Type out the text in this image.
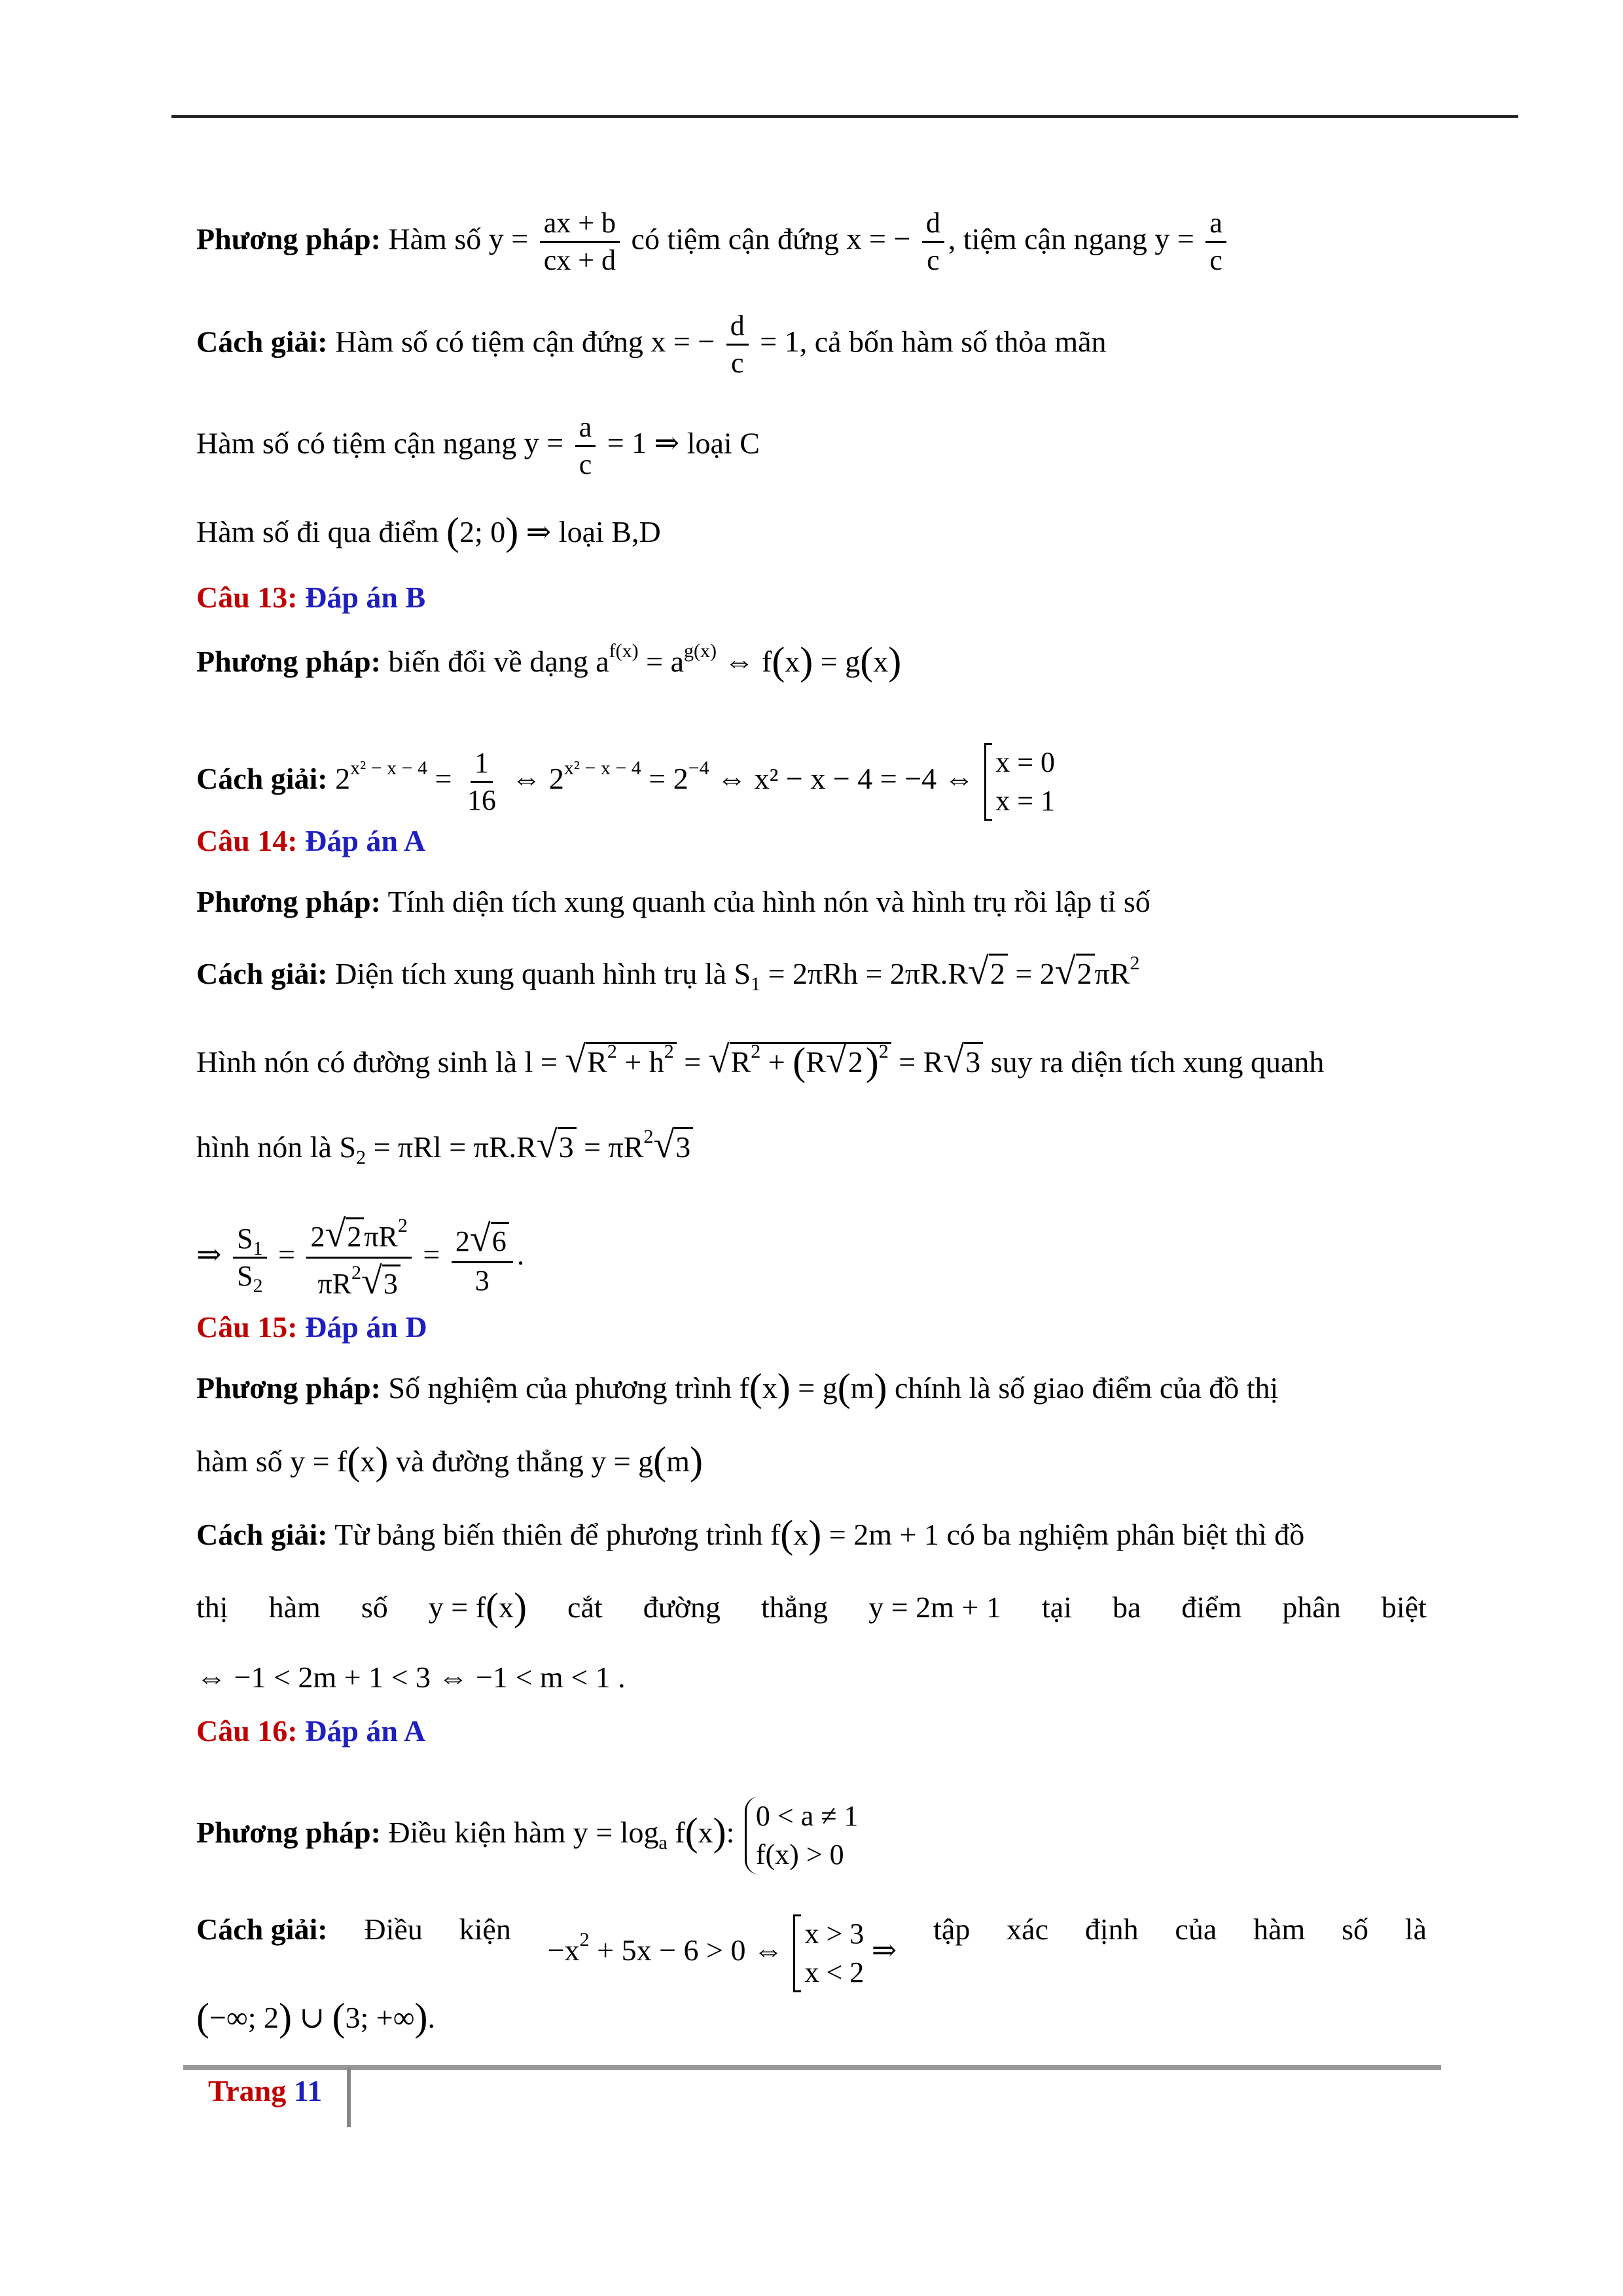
Phương pháp: Hàm số $y = \frac{ax + b}{cx + d}$ có tiệm cận đứng x = − $\frac{d}{c}$ , tiệm cận ngang $y = \frac{a}{c}$
Cách giải: Hàm số có tiệm cận đứng x = − $\frac{d}{c} = 1$, cả bốn hàm số thỏa mãn
Hàm số có tiệm cận ngang $y = \frac{a}{c} = 1$ ⇒ loại C
Hàm số đi qua điểm (2; 0) ⇒ loại B,D
Câu 13: Đáp án B
Phương pháp: biến đổi về dạng $a^{f(x)} = a^{g(x)}$ ⇔ f(x) = g(x)
Cách giải: $2^{x^2 - x - 4} = \frac{1}{16}$ ⇔ $2^{x^2 - x - 4} = 2^{-4}$ ⇔ x² − x − 4 = −4 ⇔ x = 0
x = 1
Câu 14: Đáp án A
Phương pháp: Tính diện tích xung quanh của hình nón và hình trụ rồi lập tỉ số
Cách giải: Diện tích xung quanh hình trụ là $S_1 = 2\pi Rh = 2\pi R.R√2 = 2√2\pi R^2$
Hình nón có đường sinh là $l = √R^2 + h^2 = √R^2 + (R√2)^2 = R√3$ suy ra diện tích xung quanh
hình nón là $S_2 = \pi Rl = \pi R.R√3 = \pi R^2√3$
⇒ $\frac{S_1}{S_2} = \frac{2√2\pi R^2}{\pi R^2√3} = \frac{2√6}{3}$ .
Câu 15: Đáp án D
Phương pháp: Số nghiệm của phương trình f(x) = g(m) chính là số giao điểm của đồ thị
hàm số y = f(x) và đường thẳng y = g(m)
Cách giải: Từ bảng biến thiên để phương trình f(x) = 2m + 1 có ba nghiệm phân biệt thì đồ
thị hàm số y = f(x) cắt đường thẳng y = 2m + 1 tại ba điểm phân biệt
⇔ −1 < 2m + 1 < 3 ⇔ −1 < m < 1 .
Câu 16: Đáp án A
Phương pháp: Điều kiện hàm $y = \log_a f(x)$: 0 < a ≠ 1
f(x) > 0
Cách giải: Điều kiện
$-x^2 + 5x - 6 > 0$ ⇔ x > 3
x < 2
⇒
tập xác định của hàm số là
(−∞; 2) ∪ (3; +∞).
Trang 11
